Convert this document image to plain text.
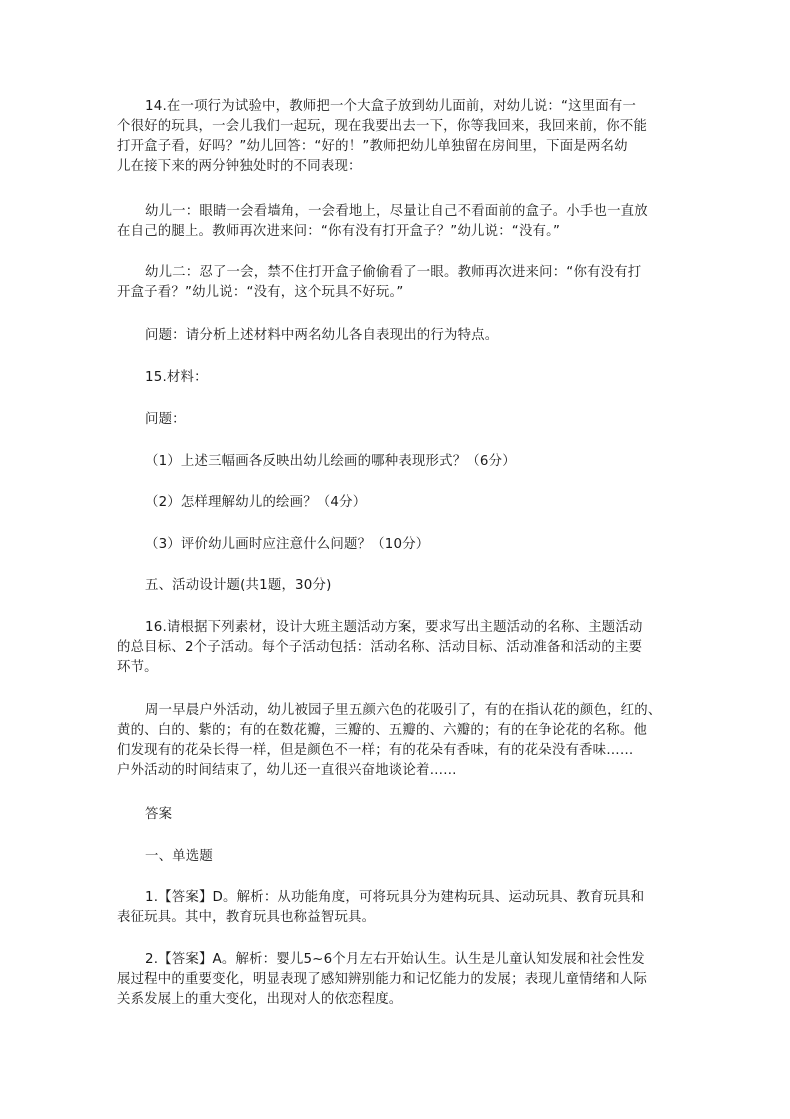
14.在一项行为试验中，教师把一个大盒子放到幼儿面前，对幼儿说：“这里面有一
个很好的玩具，一会儿我们一起玩，现在我要出去一下，你等我回来，我回来前，你不能
打开盒子看，好吗？”幼儿回答：“好的！”教师把幼儿单独留在房间里，下面是两名幼
儿在接下来的两分钟独处时的不同表现：
幼儿一：眼睛一会看墙角，一会看地上，尽量让自己不看面前的盒子。小手也一直放
在自己的腿上。教师再次进来问：“你有没有打开盒子？”幼儿说：“没有。”
幼儿二：忍了一会，禁不住打开盒子偷偷看了一眼。教师再次进来问：“你有没有打
开盒子看？”幼儿说：“没有，这个玩具不好玩。”

问题：请分析上述材料中两名幼儿各自表现出的行为特点。

15.材料：

问题：

（1）上述三幅画各反映出幼儿绘画的哪种表现形式？（6分）

（2）怎样理解幼儿的绘画？（4分）

（3）评价幼儿画时应注意什么问题？（10分）

五、活动设计题(共1题，30分)

16.请根据下列素材，设计大班主题活动方案，要求写出主题活动的名称、主题活动
的总目标、2个子活动。每个子活动包括：活动名称、活动目标、活动准备和活动的主要
环节。
周一早晨户外活动，幼儿被园子里五颜六色的花吸引了，有的在指认花的颜色，红的、
黄的、白的、紫的；有的在数花瓣，三瓣的、五瓣的、六瓣的；有的在争论花的名称。他
们发现有的花朵长得一样，但是颜色不一样；有的花朵有香味，有的花朵没有香味……
户外活动的时间结束了，幼儿还一直很兴奋地谈论着……

答案

一、单选题

1.【答案】D。解析：从功能角度，可将玩具分为建构玩具、运动玩具、教育玩具和
表征玩具。其中，教育玩具也称益智玩具。
2.【答案】A。解析：婴儿5~6个月左右开始认生。认生是儿童认知发展和社会性发
展过程中的重要变化，明显表现了感知辨别能力和记忆能力的发展；表现儿童情绪和人际
关系发展上的重大变化，出现对人的依恋程度。
